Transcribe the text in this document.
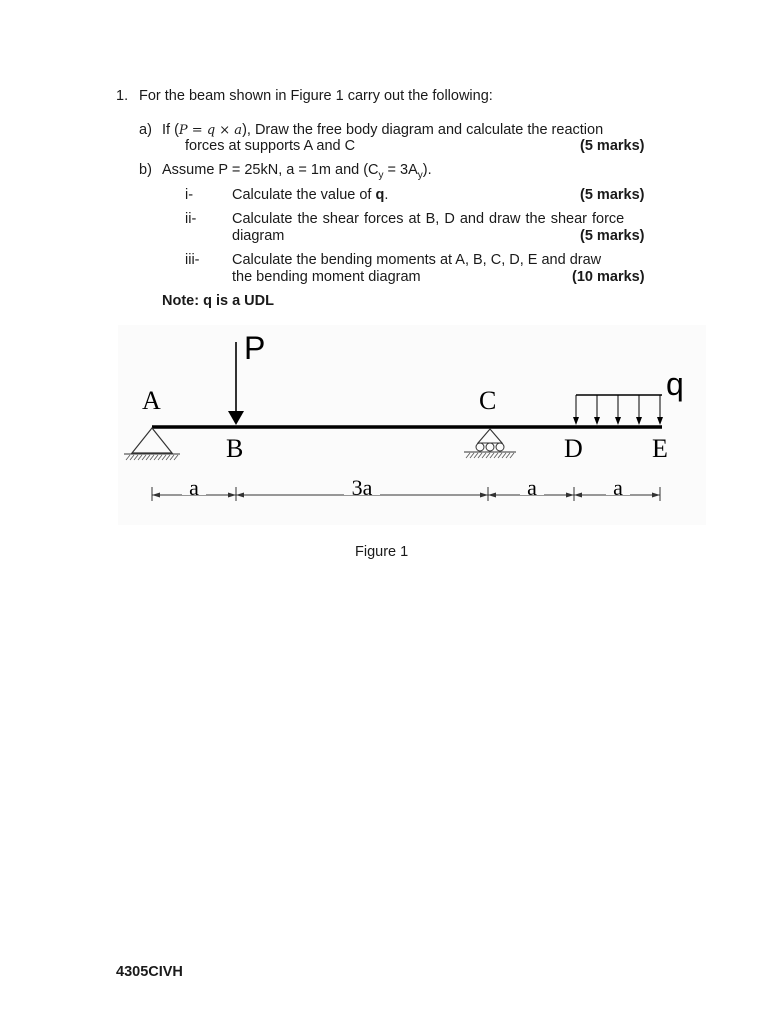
1. For the beam shown in Figure 1 carry out the following:
a) If (P = q × a), Draw the free body diagram and calculate the reaction
forces at supports A and C	(5 marks)
b) Assume P = 25kN, a = 1m and $(C_y = 3A_y)$.
i-	Calculate the value of q.	(5 marks)
ii- Calculate the shear forces at B, D and draw the shear force
diagram	(5 marks)
iii- Calculate the bending moments at A, B, C, D, E and draw
the bending moment diagram	(10 marks)
Note: q is a UDL
P
q
A
B
C
D	E
a	3a	a	a
Figure 1
4305CIVH
